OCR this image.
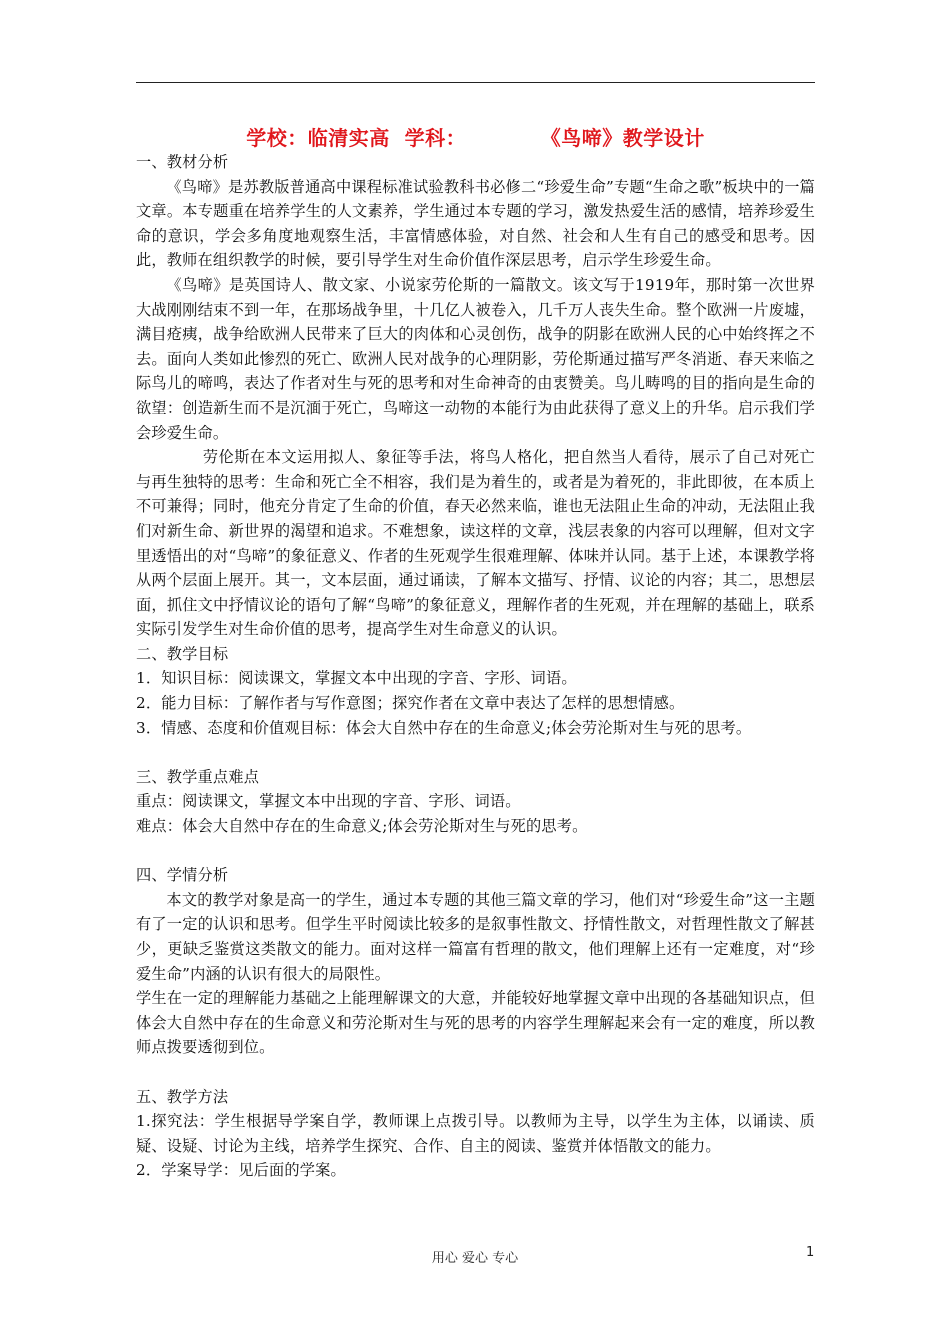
学校：临清实高  学科：          《鸟啼》教学设计

一、教材分析

《鸟啼》是苏教版普通高中课程标准试验教科书必修二“珍爱生命”专题“生命之歌”板块中的一篇文章。本专题重在培养学生的人文素养，学生通过本专题的学习，激发热爱生活的感情，培养珍爱生命的意识，学会多角度地观察生活，丰富情感体验，对自然、社会和人生有自己的感受和思考。因此，教师在组织教学的时候，要引导学生对生命价值作深层思考，启示学生珍爱生命。

《鸟啼》是英国诗人、散文家、小说家劳伦斯的一篇散文。该文写于1919年，那时第一次世界大战刚刚结束不到一年，在那场战争里，十几亿人被卷入，几千万人丧失生命。整个欧洲一片废墟，满目疮痍，战争给欧洲人民带来了巨大的肉体和心灵创伤，战争的阴影在欧洲人民的心中始终挥之不去。面向人类如此惨烈的死亡、欧洲人民对战争的心理阴影，劳伦斯通过描写严冬消逝、春天来临之际鸟儿的啼鸣，表达了作者对生与死的思考和对生命神奇的由衷赞美。鸟儿畴鸣的目的指向是生命的欲望：创造新生而不是沉湎于死亡，鸟啼这一动物的本能行为由此获得了意义上的升华。启示我们学会珍爱生命。

劳伦斯在本文运用拟人、象征等手法，将鸟人格化，把自然当人看待，展示了自己对死亡与再生独特的思考：生命和死亡全不相容，我们是为着生的，或者是为着死的，非此即彼，在本质上不可兼得；同时，他充分肯定了生命的价值，春天必然来临，谁也无法阻止生命的冲动，无法阻止我们对新生命、新世界的渴望和追求。不难想象，读这样的文章，浅层表象的内容可以理解，但对文字里透悟出的对“鸟啼”的象征意义、作者的生死观学生很难理解、体味并认同。基于上述，本课教学将从两个层面上展开。其一，文本层面，通过诵读，了解本文描写、抒情、议论的内容；其二，思想层面，抓住文中抒情议论的语句了解“鸟啼”的象征意义，理解作者的生死观，并在理解的基础上，联系实际引发学生对生命价值的思考，提高学生对生命意义的认识。

二、教学目标

1．知识目标：阅读课文，掌握文本中出现的字音、字形、词语。

2．能力目标：了解作者与写作意图；探究作者在文章中表达了怎样的思想情感。

3．情感、态度和价值观目标：体会大自然中存在的生命意义;体会劳沦斯对生与死的思考。

三、教学重点难点

重点：阅读课文，掌握文本中出现的字音、字形、词语。

难点：体会大自然中存在的生命意义;体会劳沦斯对生与死的思考。

四、学情分析

本文的教学对象是高一的学生，通过本专题的其他三篇文章的学习，他们对“珍爱生命”这一主题有了一定的认识和思考。但学生平时阅读比较多的是叙事性散文、抒情性散文，对哲理性散文了解甚少，更缺乏鉴赏这类散文的能力。面对这样一篇富有哲理的散文，他们理解上还有一定难度，对“珍爱生命”内涵的认识有很大的局限性。

学生在一定的理解能力基础之上能理解课文的大意，并能较好地掌握文章中出现的各基础知识点，但体会大自然中存在的生命意义和劳沦斯对生与死的思考的内容学生理解起来会有一定的难度，所以教师点拨要透彻到位。

五、教学方法

1.探究法：学生根据导学案自学，教师课上点拨引导。以教师为主导，以学生为主体，以诵读、质疑、设疑、讨论为主线，培养学生探究、合作、自主的阅读、鉴赏并体悟散文的能力。

2．学案导学：见后面的学案。

用心 爱心 专心	1
